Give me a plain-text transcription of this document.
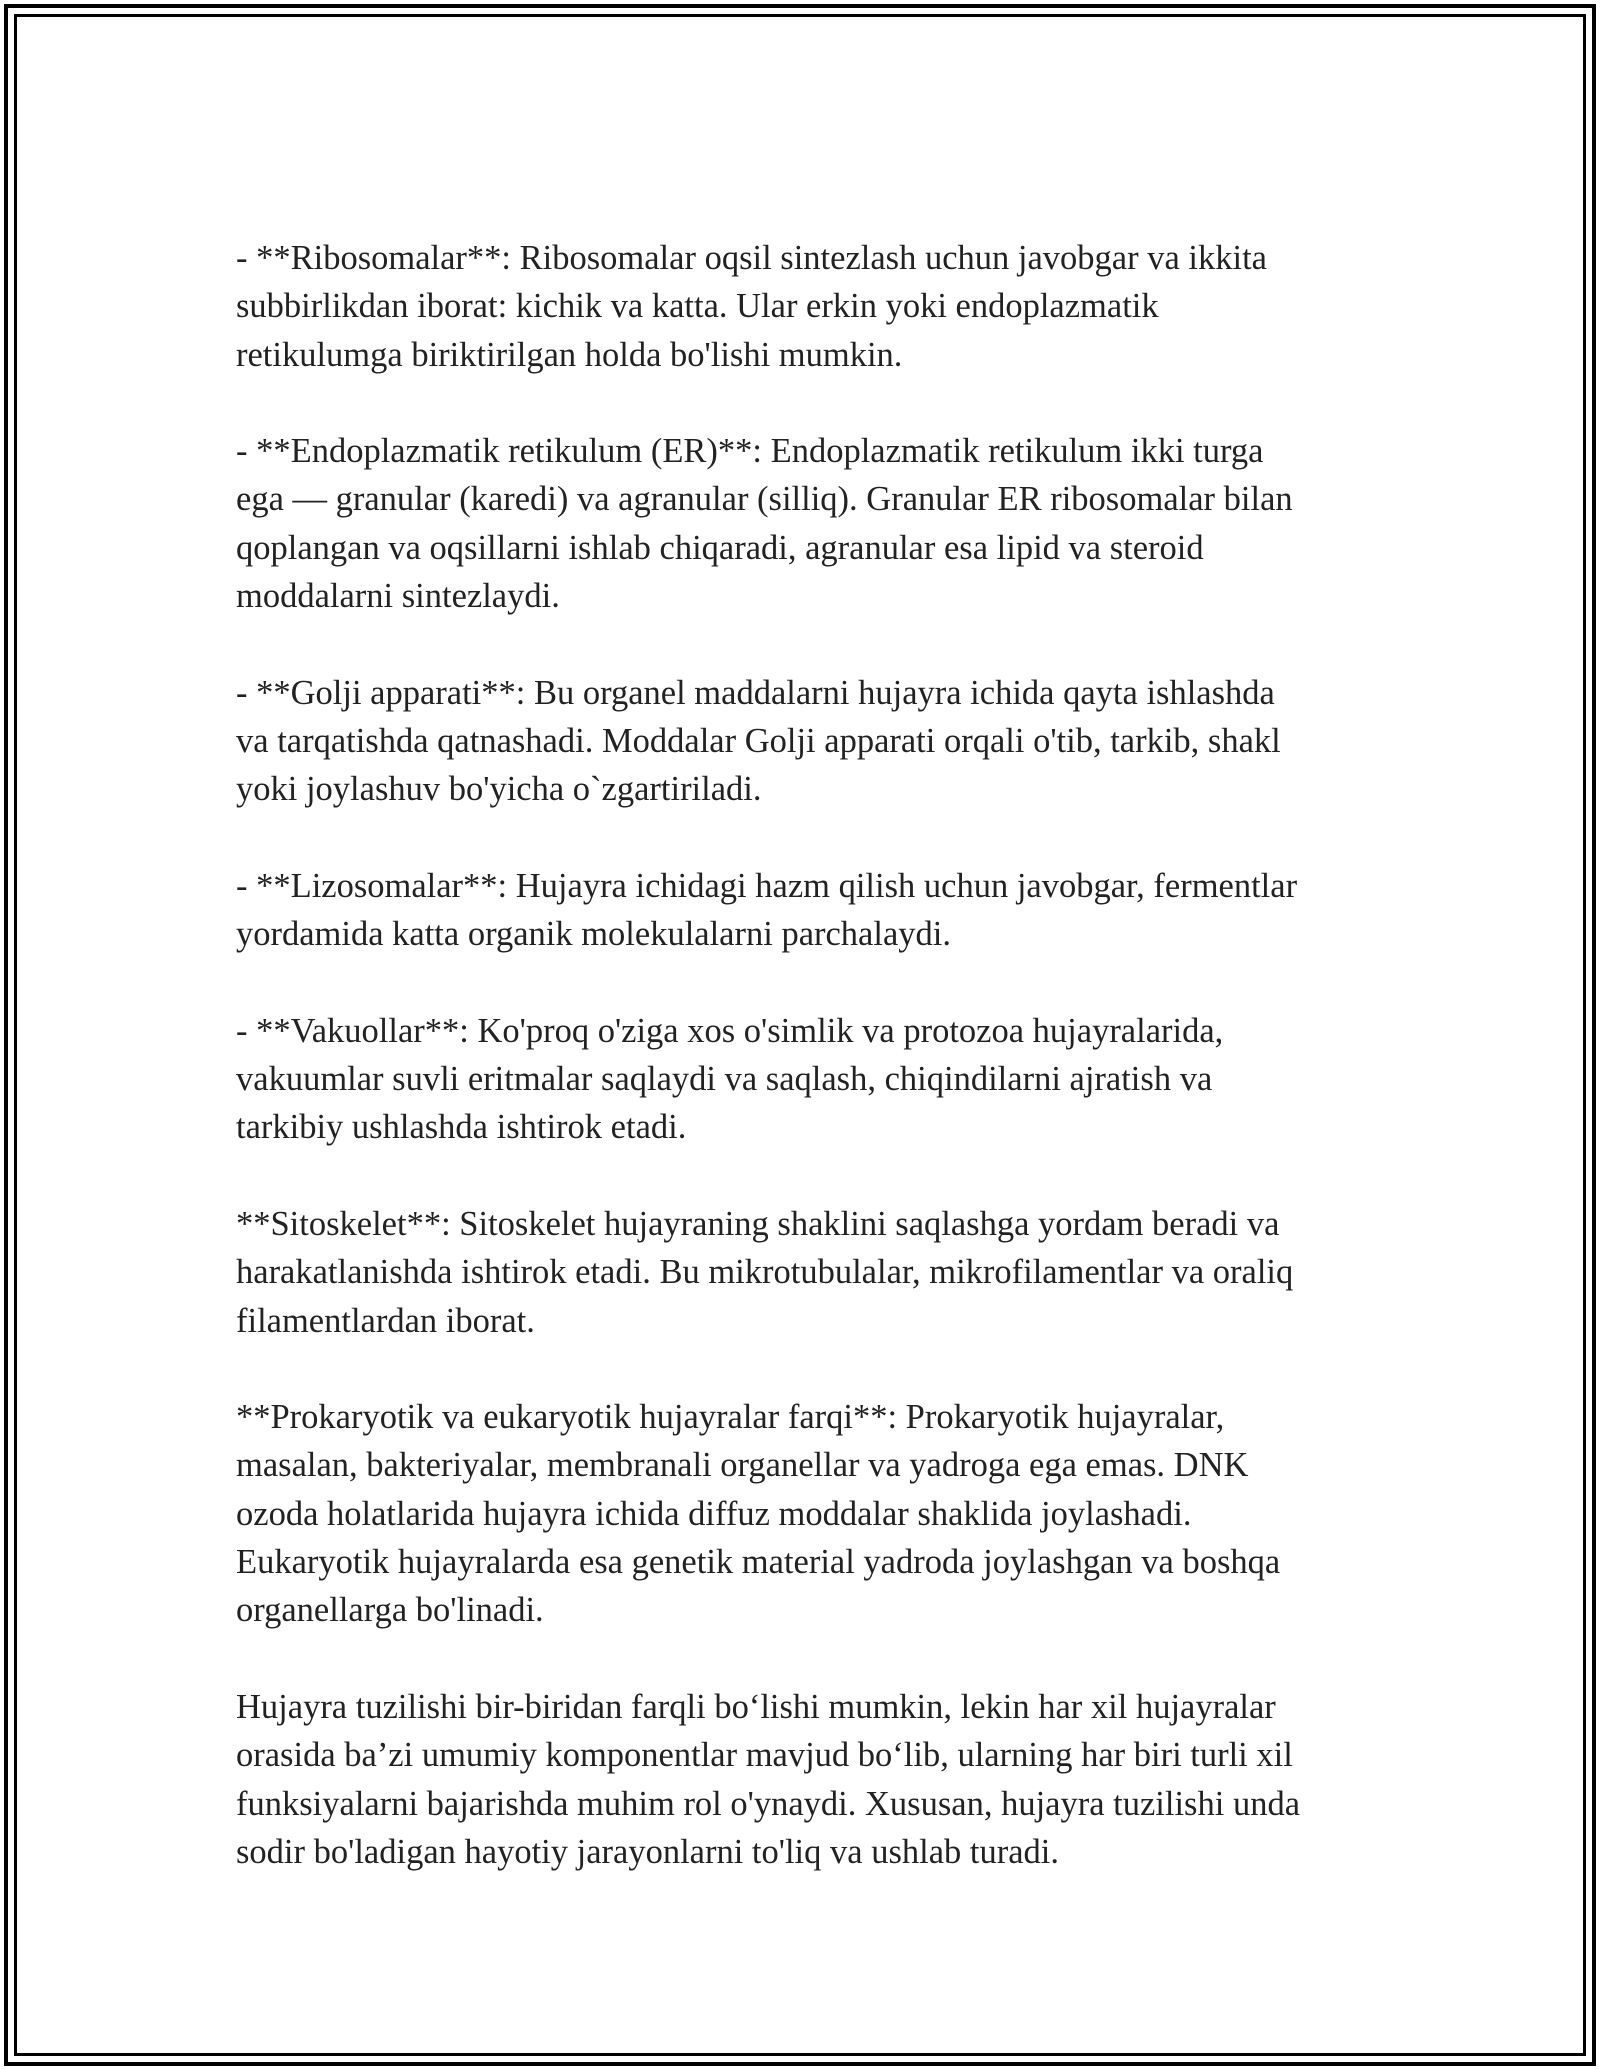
- **Ribosomalar**: Ribosomalar oqsil sintezlash uchun javobgar va ikkita
subbirlikdan iborat: kichik va katta. Ular erkin yoki endoplazmatik
retikulumga biriktirilgan holda bo'lishi mumkin.

- **Endoplazmatik retikulum (ER)**: Endoplazmatik retikulum ikki turga
ega — granular (karedi) va agranular (silliq). Granular ER ribosomalar bilan
qoplangan va oqsillarni ishlab chiqaradi, agranular esa lipid va steroid
moddalarni sintezlaydi.

- **Golji apparati**: Bu organel maddalarni hujayra ichida qayta ishlashda
va tarqatishda qatnashadi. Moddalar Golji apparati orqali o'tib, tarkib, shakl
yoki joylashuv bo'yicha o`zgartiriladi.

- **Lizosomalar**: Hujayra ichidagi hazm qilish uchun javobgar, fermentlar
yordamida katta organik molekulalarni parchalaydi.

- **Vakuollar**: Ko'proq o'ziga xos o'simlik va protozoa hujayralarida,
vakuumlar suvli eritmalar saqlaydi va saqlash, chiqindilarni ajratish va
tarkibiy ushlashda ishtirok etadi.

**Sitoskelet**: Sitoskelet hujayraning shaklini saqlashga yordam beradi va
harakatlanishda ishtirok etadi. Bu mikrotubulalar, mikrofilamentlar va oraliq
filamentlardan iborat.

**Prokaryotik va eukaryotik hujayralar farqi**: Prokaryotik hujayralar,
masalan, bakteriyalar, membranali organellar va yadroga ega emas. DNK
ozoda holatlarida hujayra ichida diffuz moddalar shaklida joylashadi.
Eukaryotik hujayralarda esa genetik material yadroda joylashgan va boshqa
organellarga bo'linadi.

Hujayra tuzilishi bir-biridan farqli bo‘lishi mumkin, lekin har xil hujayralar
orasida ba’zi umumiy komponentlar mavjud bo‘lib, ularning har biri turli xil
funksiyalarni bajarishda muhim rol o'ynaydi. Xususan, hujayra tuzilishi unda
sodir bo'ladigan hayotiy jarayonlarni to'liq va ushlab turadi.
